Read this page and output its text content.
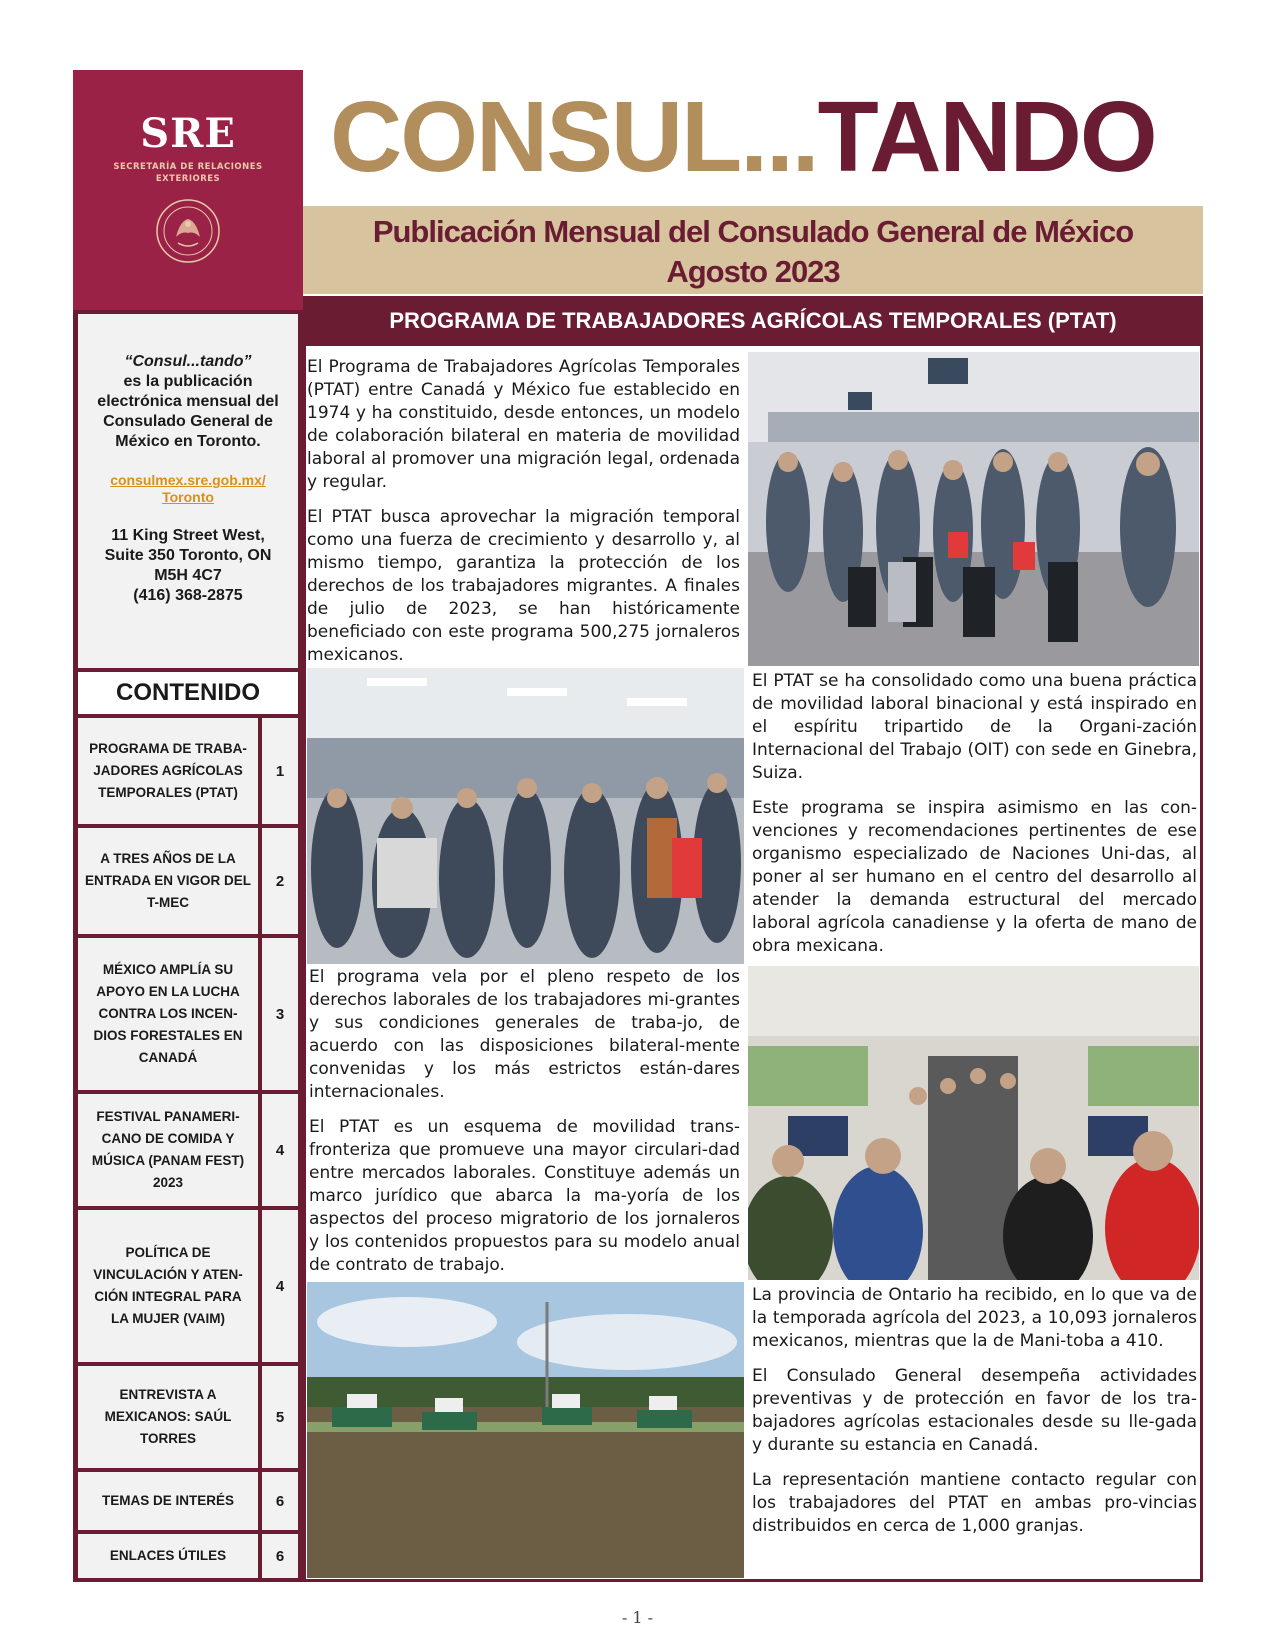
SRE
SECRETARÍA DE RELACIONES
EXTERIORES	CONSUL...TANDO
Publicación Mensual del Consulado General de México
Agosto 2023
“Consul...tando”
es la publicación electrónica mensual del Consulado General de México en Toronto.
consulmex.sre.gob.mx/ Toronto
11 King Street West,
Suite 350 Toronto, ON
M5H 4C7
(416) 368-2875
CONTENIDO
PROGRAMA DE TRABA-JADORES AGRÍCOLAS TEMPORALES (PTAT)
1
A TRES AÑOS DE LA ENTRADA EN VIGOR DEL T-MEC
2
MÉXICO AMPLÍA SU APOYO EN LA LUCHA CONTRA LOS INCEN-DIOS FORESTALES EN CANADÁ
3
FESTIVAL PANAMERI-CANO DE COMIDA Y MÚSICA (PANAM FEST) 2023
4
POLÍTICA DE VINCULACIÓN Y ATEN-CIÓN INTEGRAL PARA LA MUJER (VAIM)
4
ENTREVISTA A MEXICANOS: SAÚL TORRES
5
TEMAS DE INTERÉS	6
ENLACES ÚTILES	6
PROGRAMA DE TRABAJADORES AGRÍCOLAS TEMPORALES (PTAT)

El Programa de Trabajadores Agrícolas Temporales (PTAT) entre Canadá y México fue establecido en 1974 y ha constituido, desde entonces, un modelo de colaboración bilateral en materia de movilidad laboral al promover una migración legal, ordenada y regular.

El PTAT busca aprovechar la migración temporal como una fuerza de crecimiento y desarrollo y, al mismo tiempo, garantiza la protección de los derechos de los trabajadores migrantes. A finales de julio de 2023, se han históricamente beneficiado con este programa 500,275 jornaleros mexicanos.

El PTAT se ha consolidado como una buena práctica de movilidad laboral binacional y está inspirado en el espíritu tripartido de la Organi-zación Internacional del Trabajo (OIT) con sede en Ginebra, Suiza.

Este programa se inspira asimismo en las con-venciones y recomendaciones pertinentes de ese organismo especializado de Naciones Uni-das, al poner al ser humano en el centro del desarrollo al atender la demanda estructural del mercado laboral agrícola canadiense y la oferta de mano de obra mexicana.

El programa vela por el pleno respeto de los derechos laborales de los trabajadores mi-grantes y sus condiciones generales de traba-jo, de acuerdo con las disposiciones bilateral-mente convenidas y los más estrictos están-dares internacionales.

El PTAT es un esquema de movilidad trans-fronteriza que promueve una mayor circulari-dad entre mercados laborales. Constituye además un marco jurídico que abarca la ma-yoría de los aspectos del proceso migratorio de los jornaleros y los contenidos propuestos para su modelo anual de contrato de trabajo.

La provincia de Ontario ha recibido, en lo que va de la temporada agrícola del 2023, a 10,093 jornaleros mexicanos, mientras que la de Mani-toba a 410.

El Consulado General desempeña actividades preventivas y de protección en favor de los tra-bajadores agrícolas estacionales desde su lle-gada y durante su estancia en Canadá.

La representación mantiene contacto regular con los trabajadores del PTAT en ambas pro-vincias distribuidos en cerca de 1,000 granjas.

- 1 -
